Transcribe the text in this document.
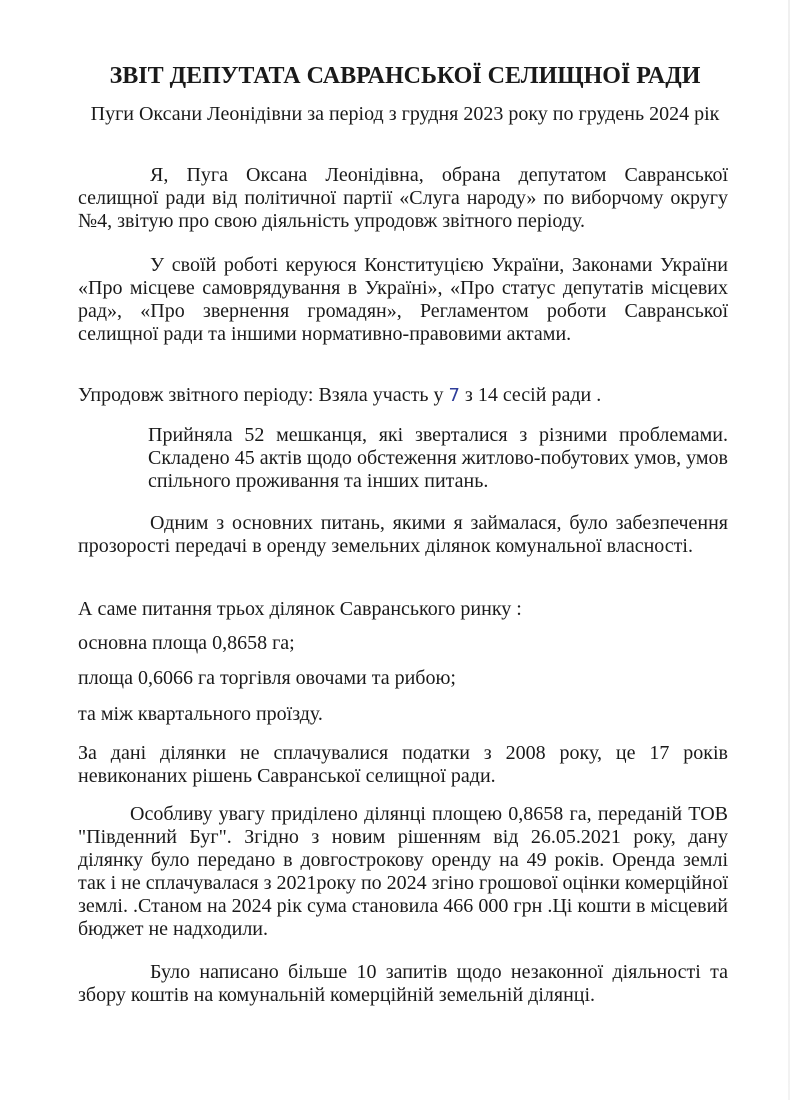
ЗВІТ ДЕПУТАТА САВРАНСЬКОЇ СЕЛИЩНОЇ РАДИ
Пуги Оксани Леонідівни за період з грудня 2023 року по грудень 2024 рік

Я, Пуга Оксана Леонідівна, обрана депутатом Савранської селищної ради від політичної партії «Слуга народу» по виборчому округу №4, звітую про свою діяльність упродовж звітного періоду.

У своїй роботі керуюся Конституцією України, Законами України «Про місцеве самоврядування в Україні», «Про статус депутатів місцевих рад», «Про звернення громадян», Регламентом роботи Савранської селищної ради та іншими нормативно-правовими актами.

Упродовж звітного періоду: Взяла участь у 7 з 14 сесій ради .

Прийняла 52 мешканця, які зверталися з різними проблемами. Складено 45 актів щодо обстеження житлово-побутових умов, умов спільного проживання та інших питань.

Одним з основних питань, якими я займалася, було забезпечення прозорості передачі в оренду земельних ділянок комунальної власності.

А саме питання трьох ділянок Савранського ринку :

основна площа 0,8658 га;

площа 0,6066 га торгівля овочами та рибою;

та між квартального проїзду.

За дані ділянки не сплачувалися податки з 2008 року, це 17 років невиконаних рішень Савранської селищної ради.

Особливу увагу приділено ділянці площею 0,8658 га, переданій ТОВ "Південний Буг". Згідно з новим рішенням від 26.05.2021 року, дану ділянку було передано в довгострокову оренду на 49 років. Оренда землі так і не сплачувалася з 2021року по 2024 згіно грошової оцінки комерційної землі. .Станом на 2024 рік сума становила 466 000 грн .Ці кошти в місцевий бюджет не надходили.

Було написано більше 10 запитів щодо незаконної діяльності та збору коштів на комунальній комерційній земельній ділянці.
